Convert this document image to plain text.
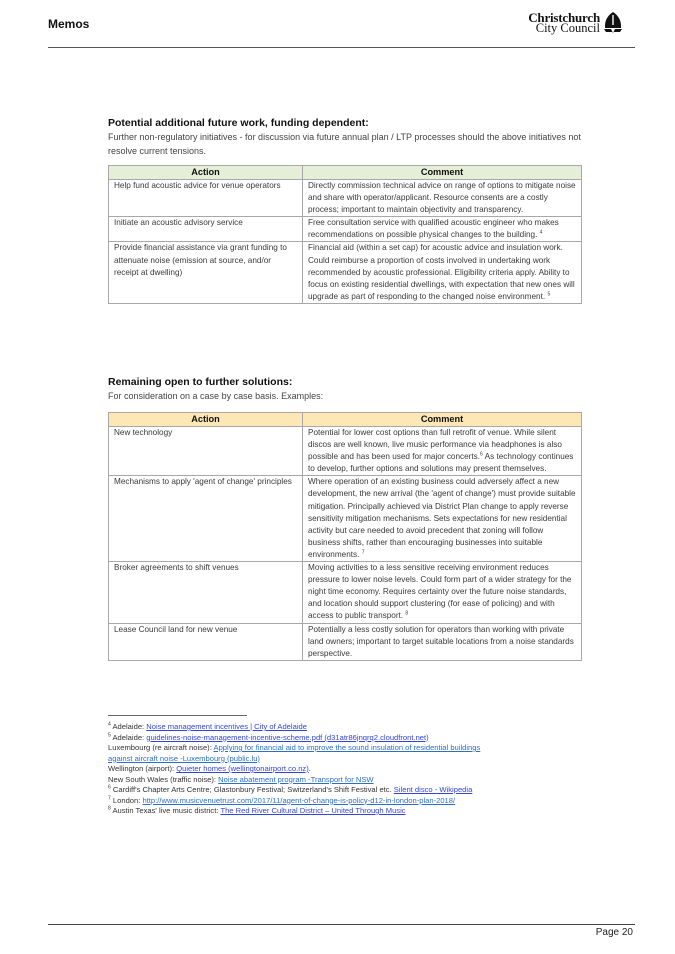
Memos	Christchurch
City Council

Potential additional future work, funding dependent:

Further non-regulatory initiatives - for discussion via future annual plan / LTP processes should the above initiatives not resolve current tensions.

Action	Comment
Help fund acoustic advice for venue operators	Directly commission technical advice on range of options to mitigate noise and share with operator/applicant. Resource consents are a costly process; important to maintain objectivity and transparency.
Initiate an acoustic advisory service	Free consultation service with qualified acoustic engineer who makes recommendations on possible physical changes to the building. $^4$
Provide financial assistance via grant funding to attenuate noise (emission at source, and/or receipt at dwelling)	Financial aid (within a set cap) for acoustic advice and insulation work. Could reimburse a proportion of costs involved in undertaking work recommended by acoustic professional. Eligibility criteria apply. Ability to focus on existing residential dwellings, with expectation that new ones will upgrade as part of responding to the changed noise environment. $^5$

Remaining open to further solutions:

For consideration on a case by case basis. Examples:

Action	Comment
New technology	Potential for lower cost options than full retrofit of venue. While silent discos are well known, live music performance via headphones is also possible and has been used for major concerts.$^6$ As technology continues to develop, further options and solutions may present themselves.
Mechanisms to apply 'agent of change' principles	Where operation of an existing business could adversely affect a new development, the new arrival (the 'agent of change') must provide suitable mitigation. Principally achieved via District Plan change to apply reverse sensitivity mitigation mechanisms. Sets expectations for new residential activity but care needed to avoid precedent that zoning will follow business shifts, rather than encouraging businesses into suitable environments. $^7$
Broker agreements to shift venues	Moving activities to a less sensitive receiving environment reduces pressure to lower noise levels. Could form part of a wider strategy for the night time economy. Requires certainty over the future noise standards, and location should support clustering (for ease of policing) and with access to public transport. $^8$
Lease Council land for new venue	Potentially a less costly solution for operators than working with private land owners; important to target suitable locations from a noise standards perspective.
$^4$ Adelaide: Noise management incentives | City of Adelaide
$^5$ Adelaide: guidelines-noise-management-incentive-scheme.pdf (d31atr86jnqrq2.cloudfront.net)
Luxembourg (re aircraft noise): Applying for financial aid to improve the sound insulation of residential buildings
against aircraft noise -Luxembourg (public.lu)
Wellington (airport): Quieter homes (wellingtonairport.co.nz).
New South Wales (traffic noise): Noise abatement program -Transport for NSW
$^6$ Cardiff's Chapter Arts Centre; Glastonbury Festival; Switzerland's Shift Festival etc. Silent disco - Wikipedia
$^7$ London: http://www.musicvenuetrust.com/2017/11/agent-of-change-is-policy-d12-in-london-plan-2018/
$^8$ Austin Texas' live music district: The Red River Cultural District – United Through Music
Page 20
